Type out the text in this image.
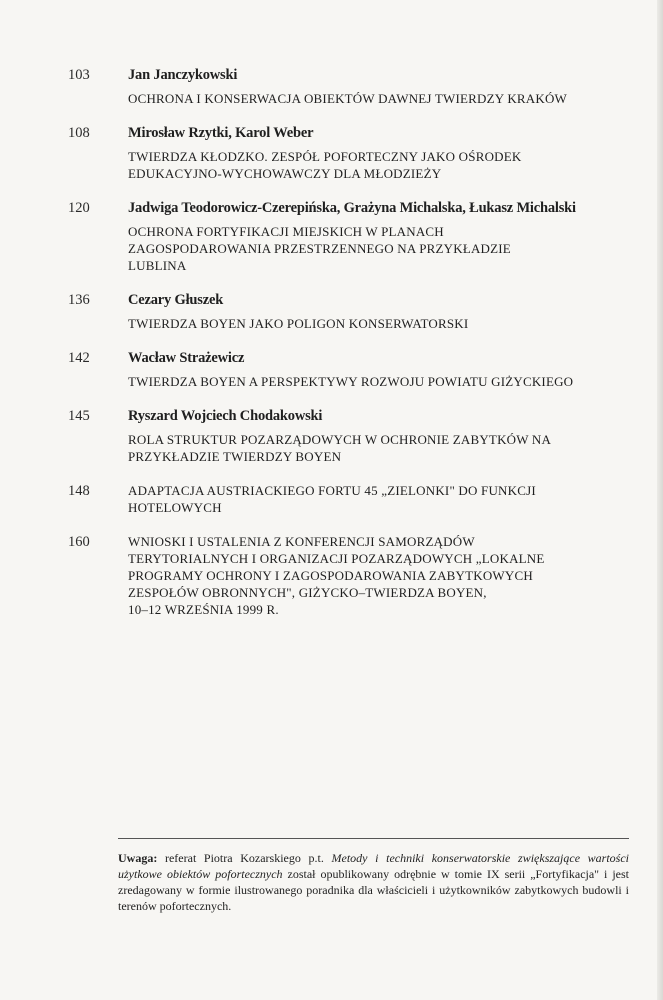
103	Jan Janczykowski
OCHRONA I KONSERWACJA OBIEKTÓW DAWNEJ TWIERDZY KRAKÓW
108	Mirosław Rzytki, Karol Weber
TWIERDZA KŁODZKO. ZESPÓŁ POFORTECZNY JAKO OŚRODEK
EDUKACYJNO-WYCHOWAWCZY DLA MŁODZIEŻY
120	Jadwiga Teodorowicz-Czerepińska, Grażyna Michalska, Łukasz Michalski
OCHRONA FORTYFIKACJI MIEJSKICH W PLANACH
ZAGOSPODAROWANIA PRZESTRZENNEGO NA PRZYKŁADZIE
LUBLINA
136	Cezary Głuszek
TWIERDZA BOYEN JAKO POLIGON KONSERWATORSKI
142	Wacław Strażewicz
TWIERDZA BOYEN A PERSPEKTYWY ROZWOJU POWIATU GIŻYCKIEGO
145	Ryszard Wojciech Chodakowski
ROLA STRUKTUR POZARZĄDOWYCH W OCHRONIE ZABYTKÓW NA
PRZYKŁADZIE TWIERDZY BOYEN
148	ADAPTACJA AUSTRIACKIEGO FORTU 45 „ZIELONKI" DO FUNKCJI
HOTELOWYCH
160	WNIOSKI I USTALENIA Z KONFERENCJI SAMORZĄDÓW
TERYTORIALNYCH I ORGANIZACJI POZARZĄDOWYCH „LOKALNE
PROGRAMY OCHRONY I ZAGOSPODAROWANIA ZABYTKOWYCH
ZESPOŁÓW OBRONNYCH", GIŻYCKO–TWIERDZA BOYEN,
10–12 WRZEŚNIA 1999 R.
Uwaga: referat Piotra Kozarskiego p.t. Metody i techniki konserwatorskie zwiększające wartości użytkowe obiektów pofortecznych został opublikowany odrębnie w tomie IX serii „Fortyfikacja" i jest zredagowany w formie ilustrowanego poradnika dla właścicieli i użytkowników zabytkowych budowli i terenów pofortecznych.
